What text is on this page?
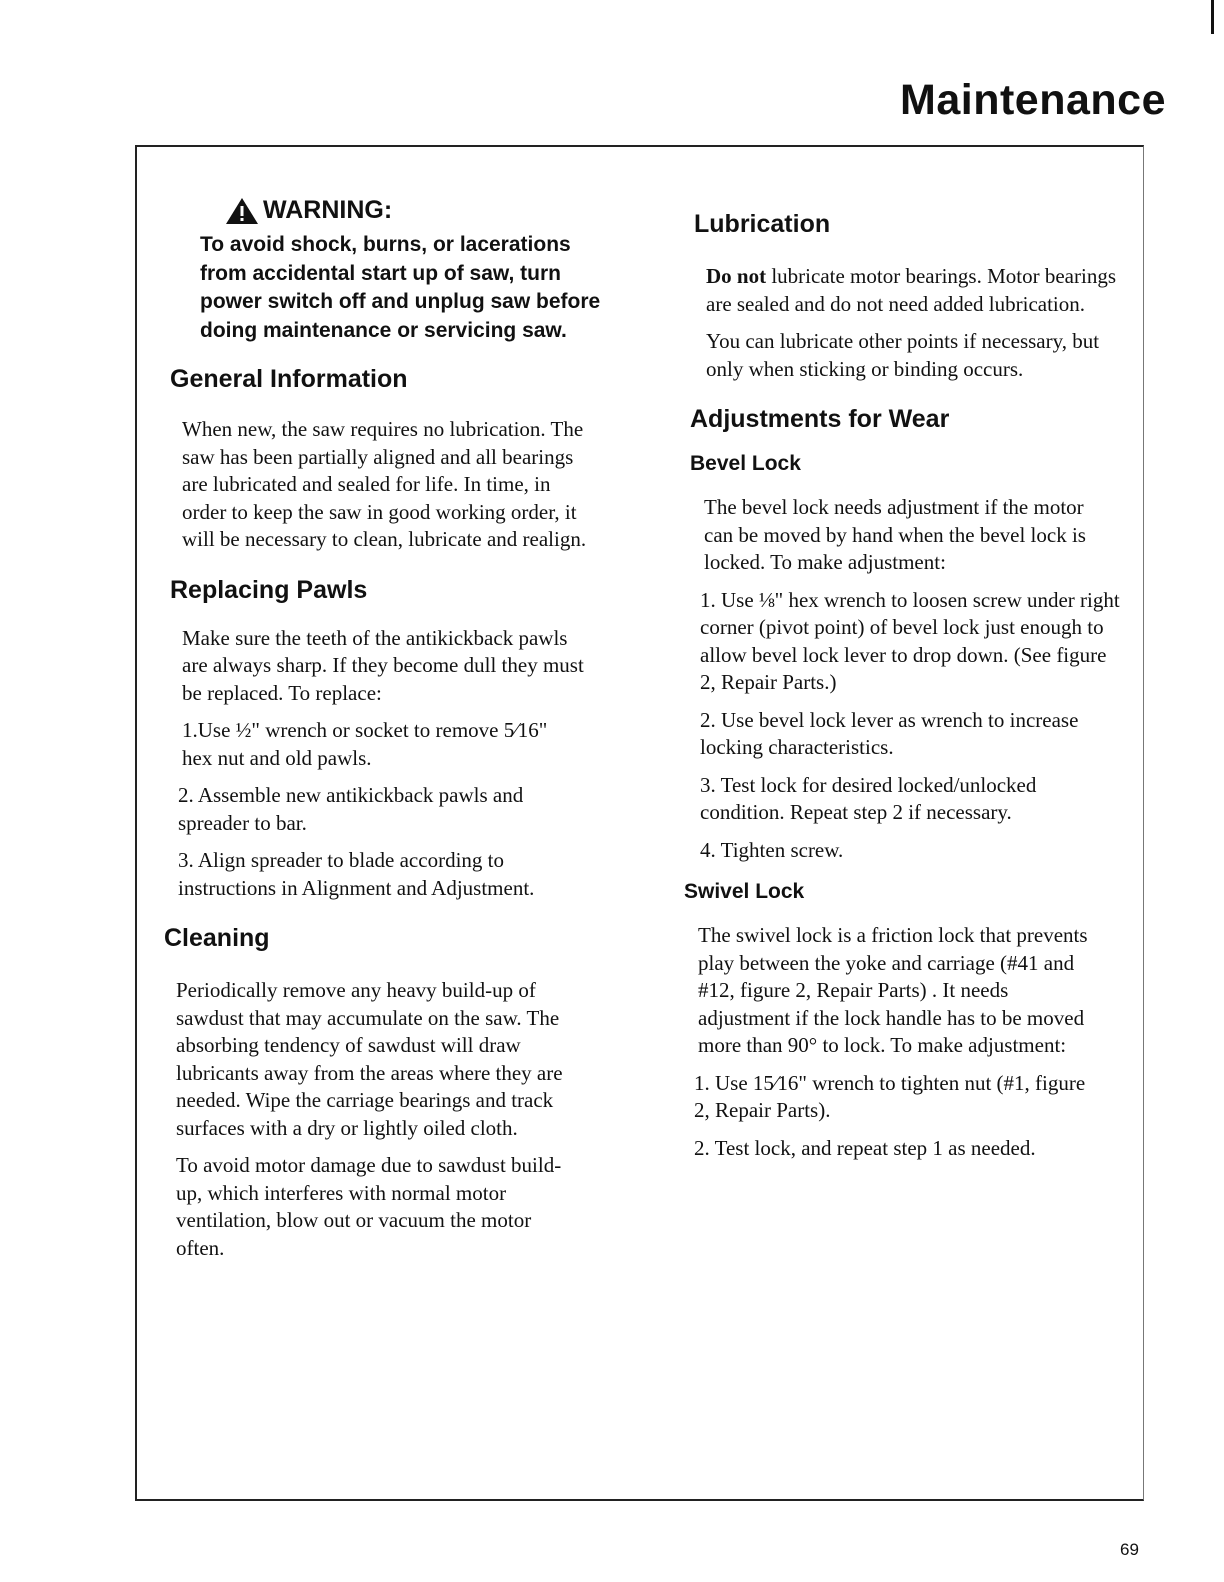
Maintenance
WARNING:

To avoid shock, burns, or lacerations from accidental start up of saw, turn power switch off and unplug saw before doing maintenance or servicing saw.

General Information

When new, the saw requires no lubrication. The saw has been partially aligned and all bearings are lubricated and sealed for life. In time, in order to keep the saw in good working order, it will be necessary to clean, lubricate and realign.

Replacing Pawls

Make sure the teeth of the antikickback pawls are always sharp. If they become dull they must be replaced. To replace:

1.Use ½" wrench or socket to remove 5⁄16" hex nut and old pawls.

2. Assemble new antikickback pawls and spreader to bar.

3. Align spreader to blade according to instructions in Alignment and Adjustment.

Cleaning

Periodically remove any heavy build-up of sawdust that may accumulate on the saw. The absorbing tendency of sawdust will draw lubricants away from the areas where they are needed. Wipe the carriage bearings and track surfaces with a dry or lightly oiled cloth.

To avoid motor damage due to sawdust build-up, which interferes with normal motor ventilation, blow out or vacuum the motor often.

Lubrication

Do not lubricate motor bearings. Motor bearings are sealed and do not need added lubrication.

You can lubricate other points if necessary, but only when sticking or binding occurs.

Adjustments for Wear
Bevel Lock

The bevel lock needs adjustment if the motor can be moved by hand when the bevel lock is locked. To make adjustment:

1. Use ⅛" hex wrench to loosen screw under right corner (pivot point) of bevel lock just enough to allow bevel lock lever to drop down. (See figure 2, Repair Parts.)

2. Use bevel lock lever as wrench to increase locking characteristics.

3. Test lock for desired locked/unlocked condition. Repeat step 2 if necessary.

4. Tighten screw.

Swivel Lock

The swivel lock is a friction lock that prevents play between the yoke and carriage (#41 and #12, figure 2, Repair Parts) . It needs adjustment if the lock handle has to be moved more than 90° to lock. To make adjustment:

1. Use 15⁄16" wrench to tighten nut (#1, figure 2, Repair Parts).

2. Test lock, and repeat step 1 as needed.

69
